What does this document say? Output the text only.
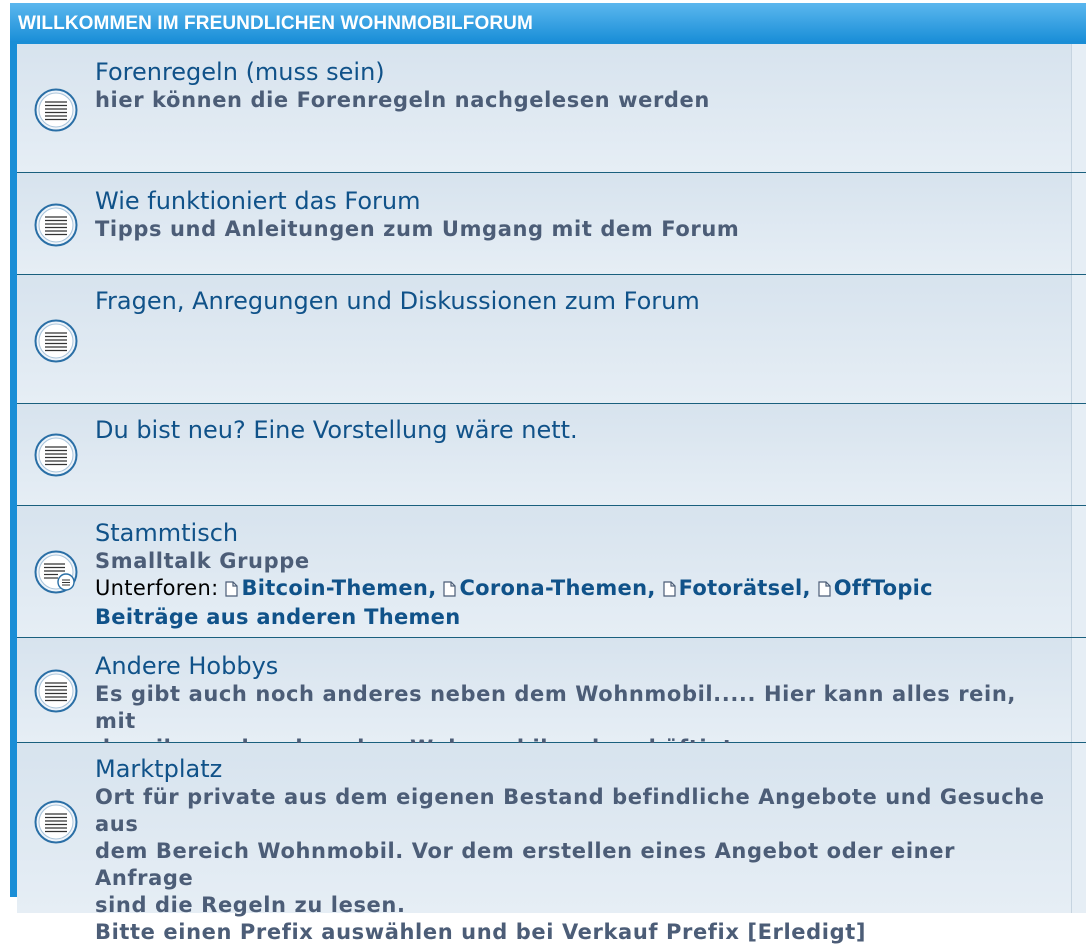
WILLKOMMEN IM FREUNDLICHEN WOHNMOBILFORUM
Forenregeln (muss sein)
hier können die Forenregeln nachgelesen werden
Wie funktioniert das Forum
Tipps und Anleitungen zum Umgang mit dem Forum
Fragen, Anregungen und Diskussionen zum Forum
Du bist neu? Eine Vorstellung wäre nett.
Stammtisch
Smalltalk Gruppe
Unterforen: Bitcoin-Themen, Corona-Themen, Fotorätsel, OffTopic
Beiträge aus anderen Themen
Andere Hobbys
Es gibt auch noch anderes neben dem Wohnmobil..... Hier kann alles rein, mit
Marktplatz
Ort für private aus dem eigenen Bestand befindliche Angebote und Gesuche aus
dem Bereich Wohnmobil. Vor dem erstellen eines Angebot oder einer Anfrage
sind die Regeln zu lesen.
Bitte einen Prefix auswählen und bei Verkauf Prefix [Erledigt]
